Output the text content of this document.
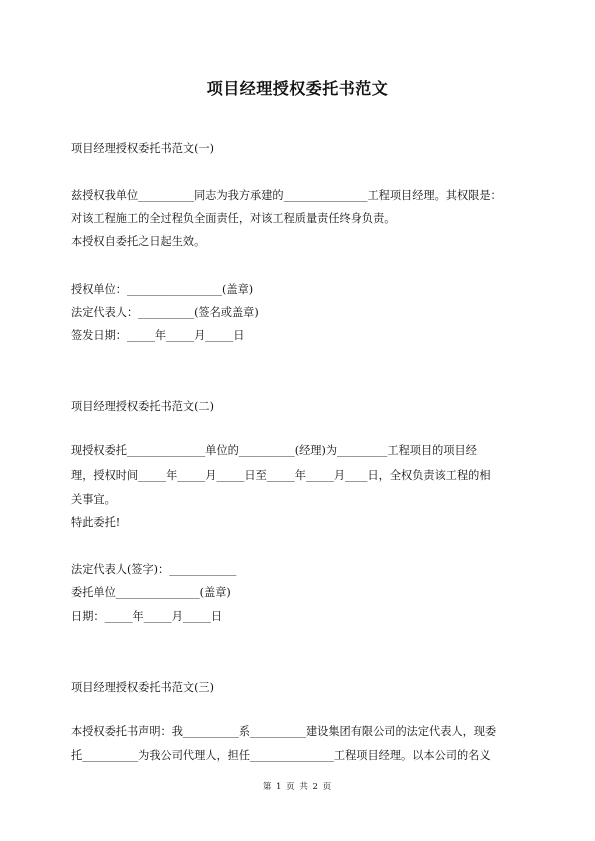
项目经理授权委托书范文
项目经理授权委托书范文(一)
兹授权我单位__________同志为我方承建的_______________工程项目经理。其权限是：
对该工程施工的全过程负全面责任，对该工程质量责任终身负责。
本授权自委托之日起生效。
授权单位：_________________(盖章)
法定代表人：__________(签名或盖章)
签发日期：_____年_____月_____日
项目经理授权委托书范文(二)
现授权委托______________单位的__________(经理)为_________工程项目的项目经
理，授权时间_____年_____月_____日至_____年_____月____日，全权负责该工程的相
关事宜。
特此委托!
法定代表人(签字)：____________
委托单位_______________(盖章)
日期：_____年_____月_____日
项目经理授权委托书范文(三)
本授权委托书声明：我__________系__________建设集团有限公司的法定代表人，现委
托__________为我公司代理人，担任_______________工程项目经理。以本公司的名义
第 1 页 共 2 页
